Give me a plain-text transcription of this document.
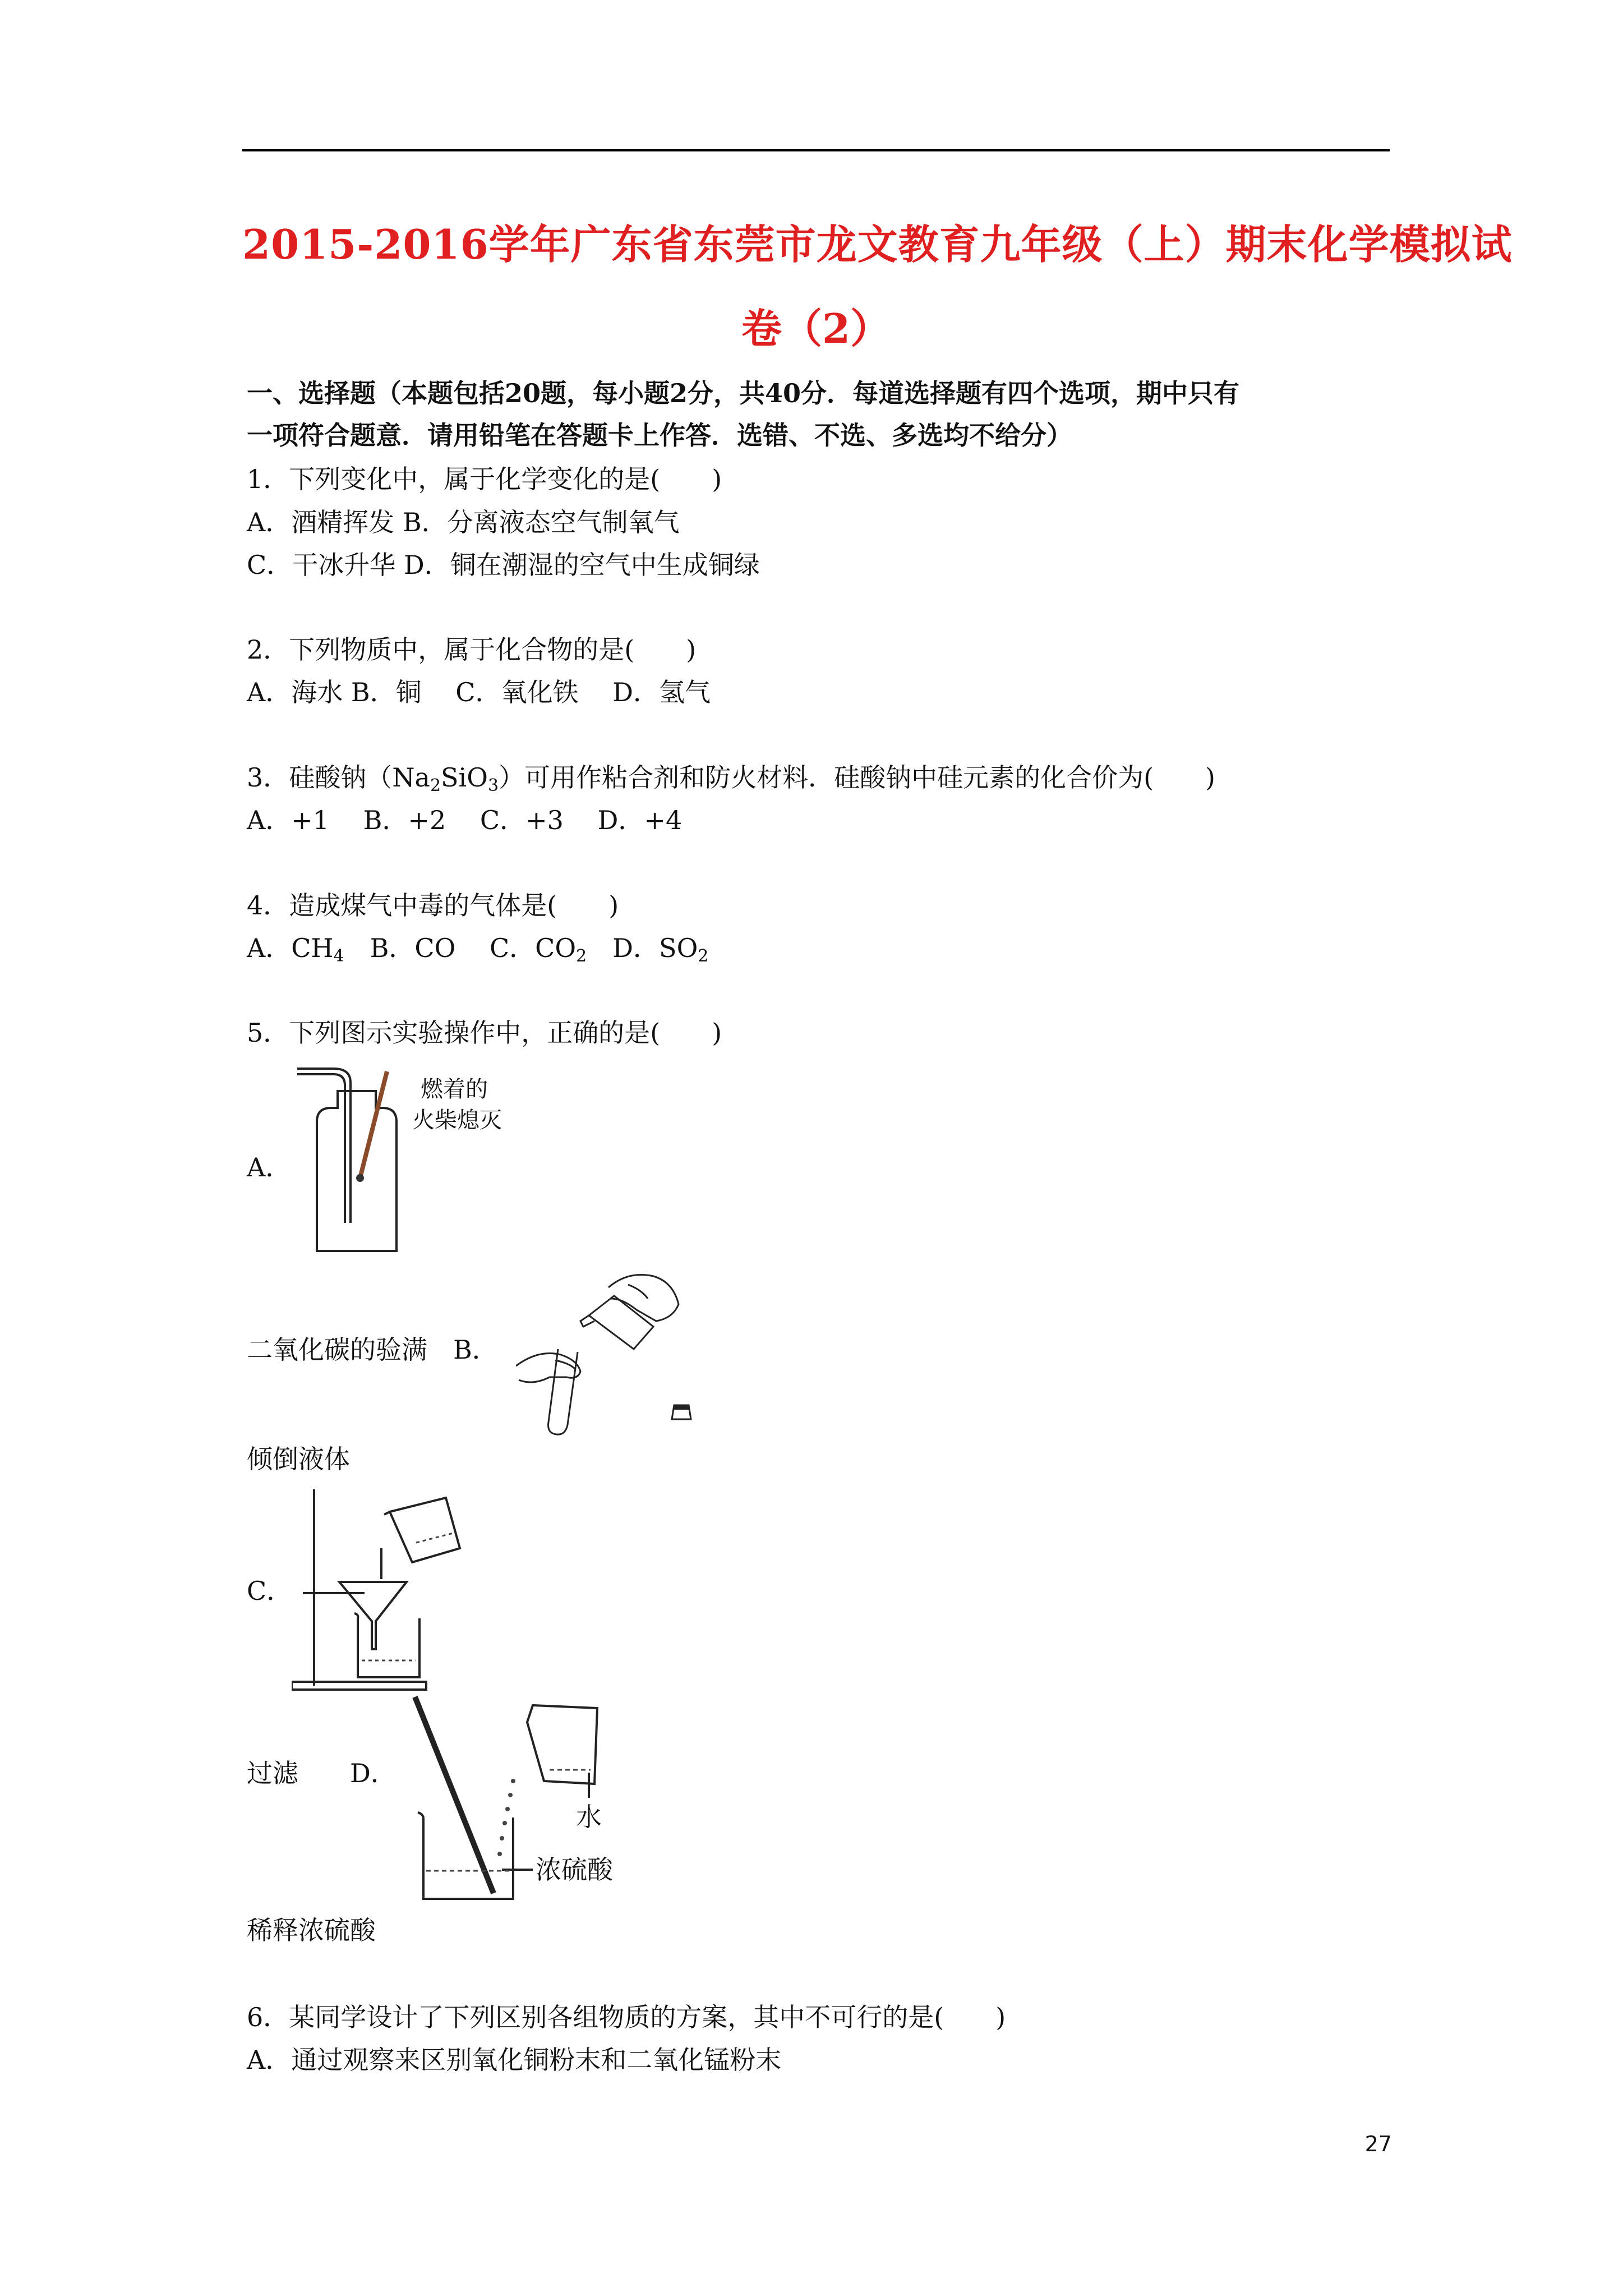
2015-2016学年广东省东莞市龙文教育九年级（上）期末化学模拟试
卷（2）
一、选择题（本题包括20题，每小题2分，共40分．每道选择题有四个选项，期中只有
一项符合题意．请用铅笔在答题卡上作答．选错、不选、多选均不给分）
1．下列变化中，属于化学变化的是(　　)
A．酒精挥发 B．分离液态空气制氧气
C．干冰升华 D．铜在潮湿的空气中生成铜绿
2．下列物质中，属于化合物的是(　　)
A．海水 B．铜　 C．氧化铁　 D．氢气
3．硅酸钠$(Na_2SiO_3)$可用作粘合剂和防火材料．硅酸钠中硅元素的化合价为(　　)
A．+1　 B．+2　 C．+3　 D．+4
4．造成煤气中毒的气体是(　　)
A．$CH_4$　B．CO　 C．$CO_2$　D．$SO_2$
5．下列图示实验操作中，正确的是(　　)
A．
燃着的
火柴熄灭
二氧化碳的验满　B．
倾倒液体
C．
过滤　　D．
水
浓硫酸
稀释浓硫酸
6．某同学设计了下列区别各组物质的方案，其中不可行的是(　　)
A．通过观察来区别氧化铜粉末和二氧化锰粉末
27
